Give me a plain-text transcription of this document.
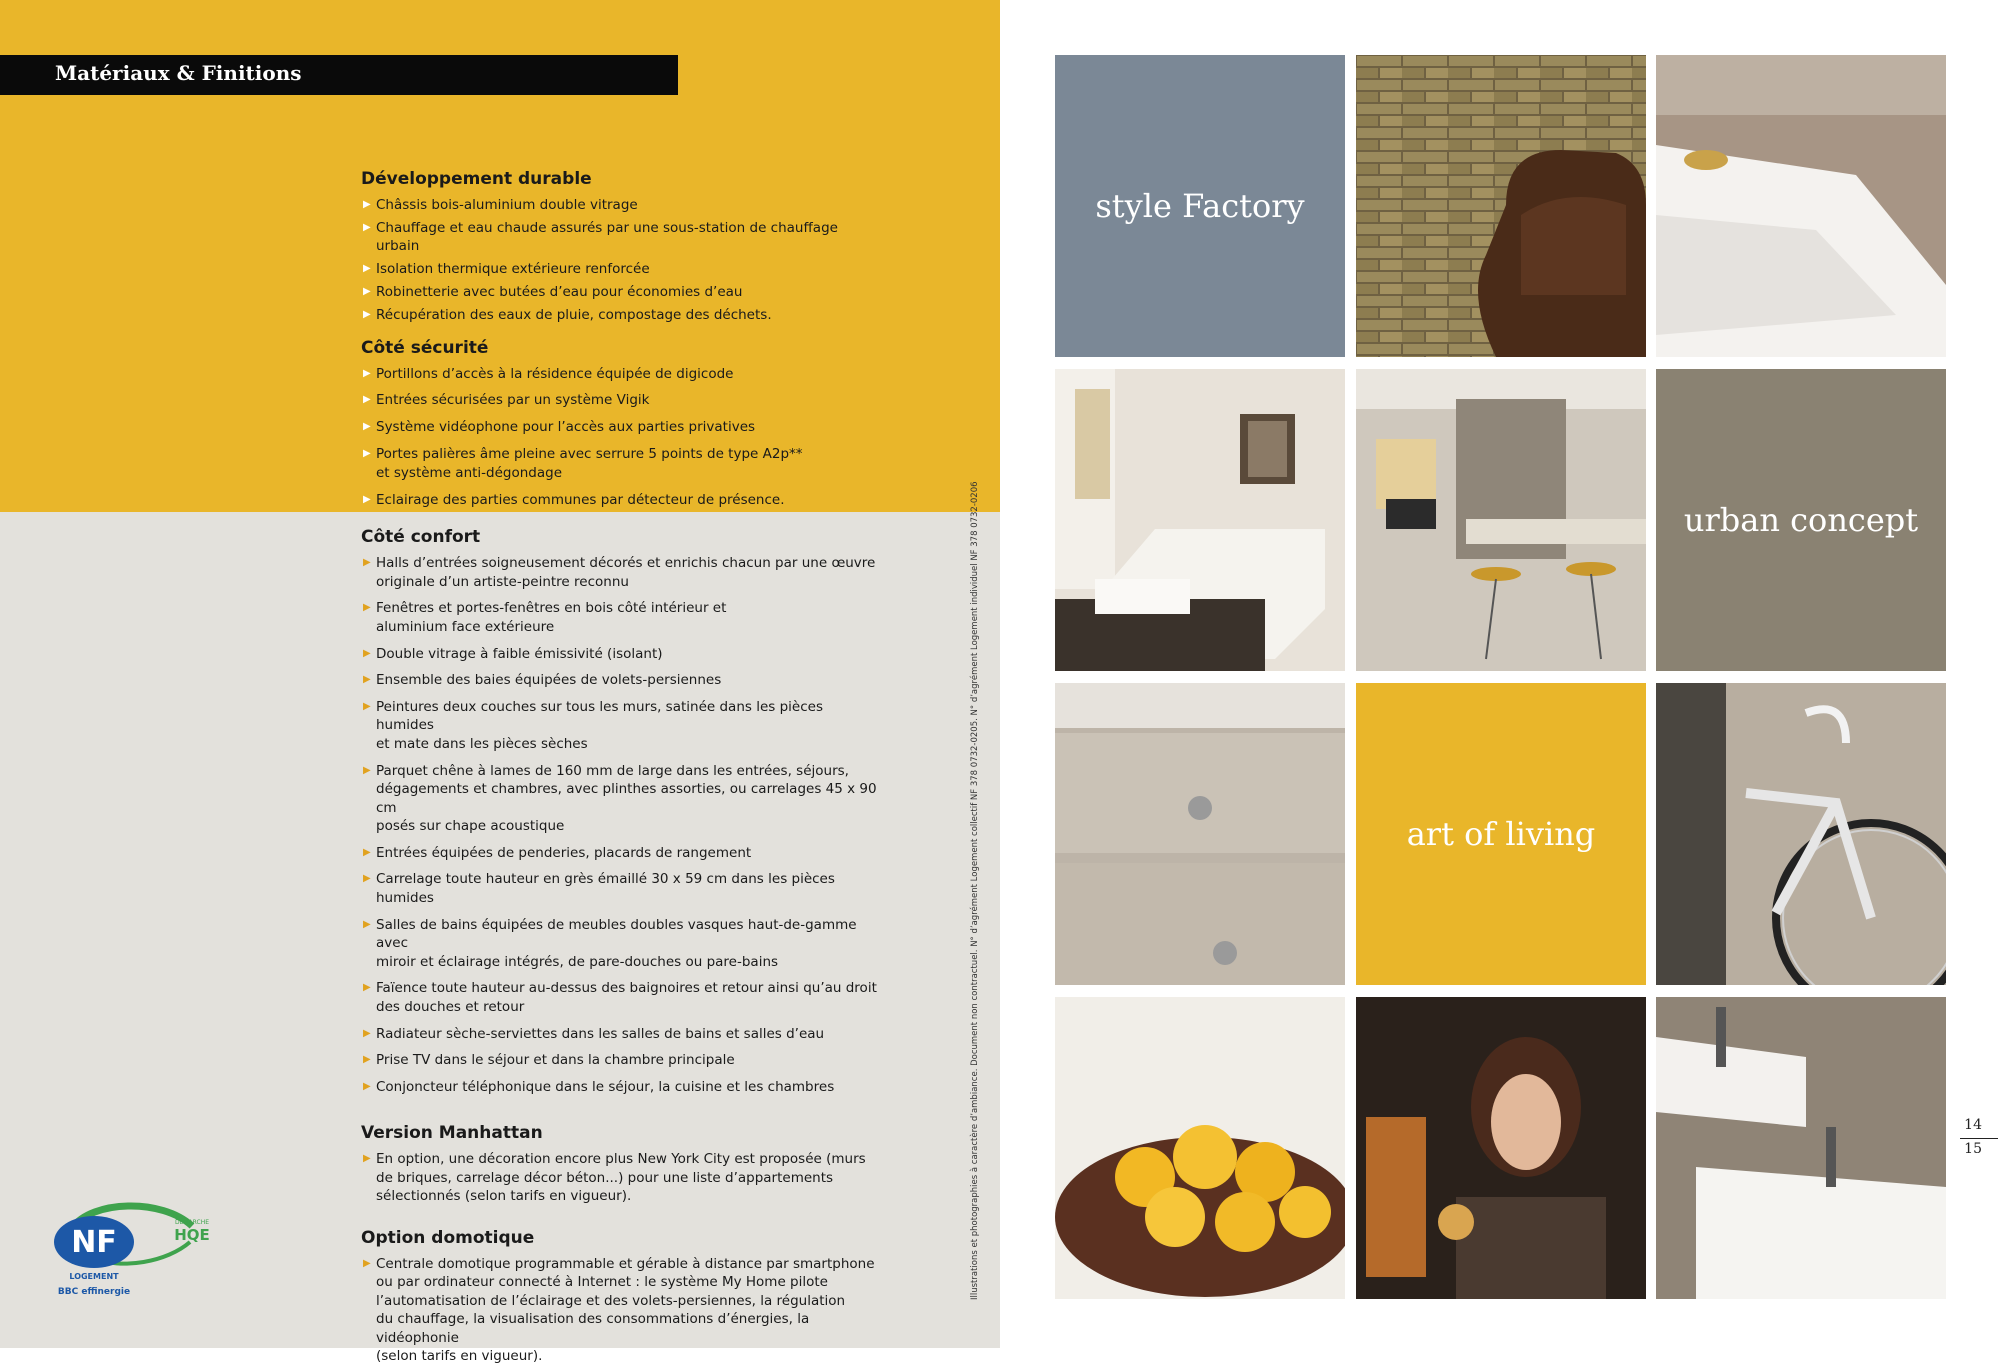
Matériaux & Finitions
Développement durable
▶ Châssis bois-aluminium double vitrage
▶ Chauffage et eau chaude assurés par une sous-station de chauffage urbain
▶ Isolation thermique extérieure renforcée
▶ Robinetterie avec butées d’eau pour économies d’eau
▶ Récupération des eaux de pluie, compostage des déchets.
Côté sécurité
▶ Portillons d’accès à la résidence équipée de digicode
▶ Entrées sécurisées par un système Vigik
▶ Système vidéophone pour l’accès aux parties privatives
▶ Portes palières âme pleine avec serrure 5 points de type A2p**
et système anti-dégondage
▶ Eclairage des parties communes par détecteur de présence.
Côté confort
▶ Halls d’entrées soigneusement décorés et enrichis chacun par une œuvre
originale d’un artiste-peintre reconnu
▶ Fenêtres et portes-fenêtres en bois côté intérieur et
aluminium face extérieure
▶ Double vitrage à faible émissivité (isolant)
▶ Ensemble des baies équipées de volets-persiennes
▶ Peintures deux couches sur tous les murs, satinée dans les pièces humides
et mate dans les pièces sèches
▶ Parquet chêne à lames de 160 mm de large dans les entrées, séjours,
dégagements et chambres, avec plinthes assorties, ou carrelages 45 x 90 cm
posés sur chape acoustique
▶ Entrées équipées de penderies, placards de rangement
▶ Carrelage toute hauteur en grès émaillé 30 x 59 cm dans les pièces humides
▶ Salles de bains équipées de meubles doubles vasques haut-de-gamme avec
miroir et éclairage intégrés, de pare-douches ou pare-bains
▶ Faïence toute hauteur au-dessus des baignoires et retour ainsi qu’au droit
des douches et retour
▶ Radiateur sèche-serviettes dans les salles de bains et salles d’eau
▶ Prise TV dans le séjour et dans la chambre principale
▶ Conjoncteur téléphonique dans le séjour, la cuisine et les chambres
Version Manhattan
▶ En option, une décoration encore plus New York City est proposée (murs
de briques, carrelage décor béton...) pour une liste d’appartements
sélectionnés (selon tarifs en vigueur).
Option domotique
▶ Centrale domotique programmable et gérable à distance par smartphone
ou par ordinateur connecté à Internet : le système My Home pilote
l’automatisation de l’éclairage et des volets-persiennes, la régulation
du chauffage, la visualisation des consommations d’énergies, la vidéophonie
(selon tarifs en vigueur).
Illustrations et photographies à caractère d’ambiance. Document non contractuel. N° d’agrément Logement collectif NF 378 0732-0205. N° d’agrément Logement individuel NF 378 0732-0206
NF
DÉMARCHE
HQE
LOGEMENT
BBC effinergie
style Factory
urban concept
art of living
14
15
